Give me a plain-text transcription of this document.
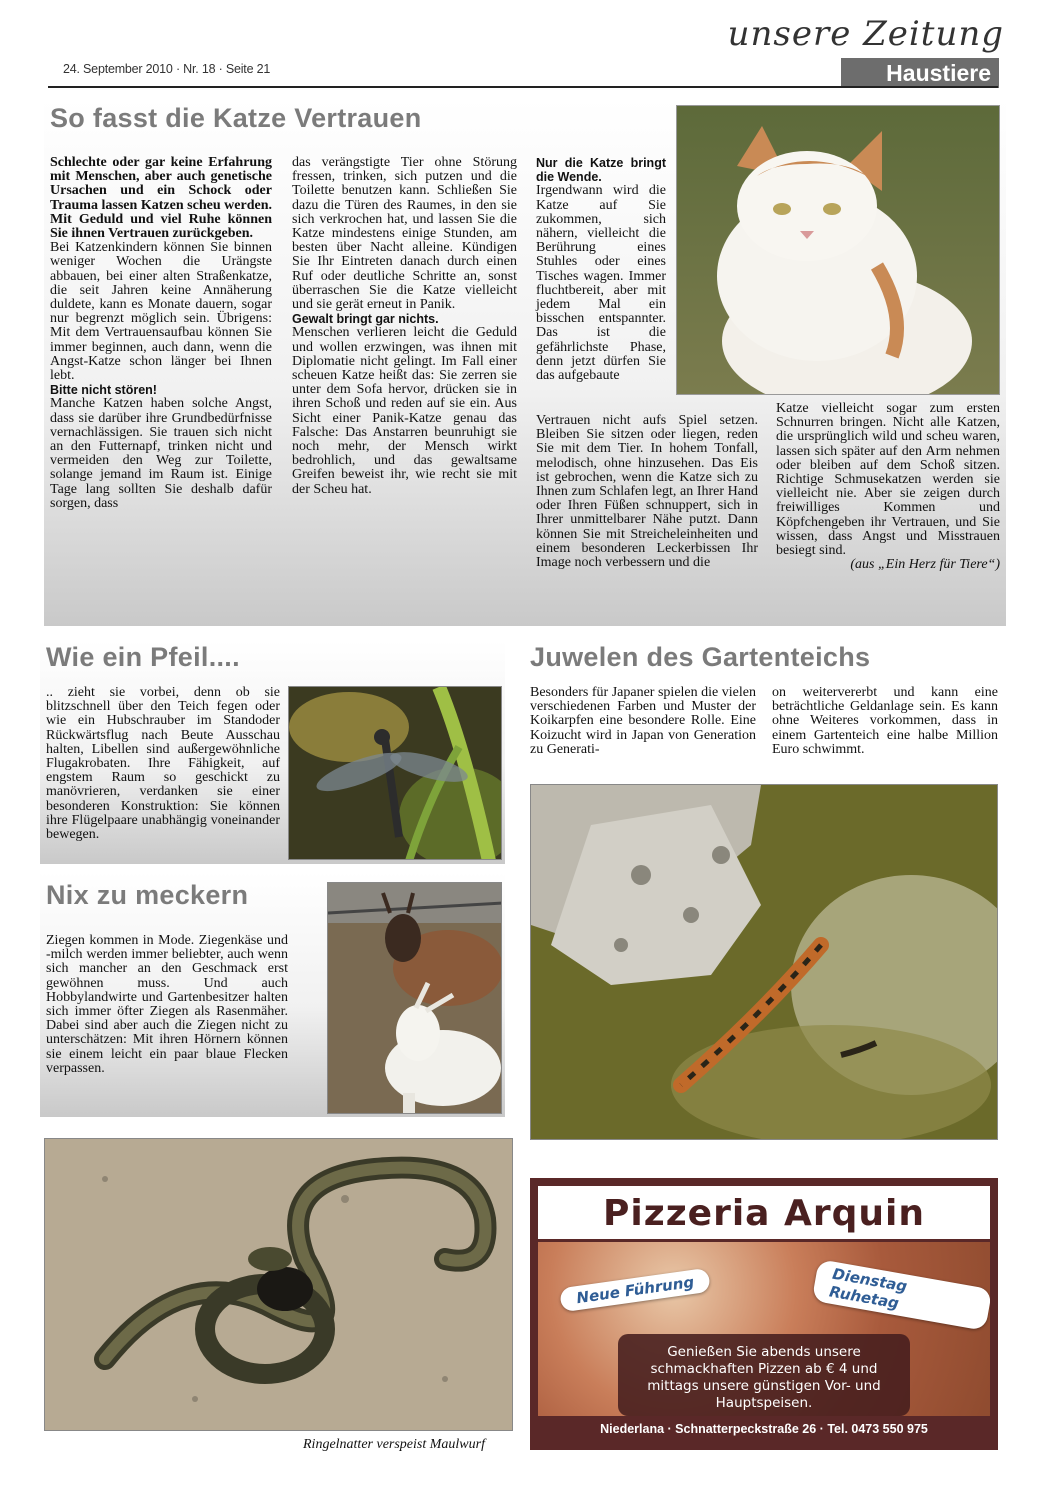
24. September 2010 · Nr. 18 · Seite 21
unsere Zeitung
Haustiere
So fasst die Katze Vertrauen

Schlechte oder gar keine Erfahrung mit Menschen, aber auch genetische Ursachen und ein Schock oder Trauma lassen Katzen scheu werden. Mit Geduld und viel Ruhe können Sie ihnen Vertrauen zurückgeben.

Bei Katzenkindern können Sie binnen weniger Wochen die Urängste abbauen, bei einer alten Straßenkatze, die seit Jahren keine Annäherung duldete, kann es Monate dauern, sogar nur begrenzt möglich sein. Übrigens: Mit dem Vertrauensaufbau können Sie immer beginnen, auch dann, wenn die Angst-Katze schon länger bei Ihnen lebt.

Bitte nicht stören!

Manche Katzen haben solche Angst, dass sie darüber ihre Grundbedürfnisse vernachlässigen. Sie trauen sich nicht an den Futternapf, trinken nicht und vermeiden den Weg zur Toilette, solange jemand im Raum ist. Einige Tage lang sollten Sie deshalb dafür sorgen, dass

das verängstigte Tier ohne Störung fressen, trinken, sich putzen und die Toilette benutzen kann. Schließen Sie dazu die Türen des Raumes, in den sie sich verkrochen hat, und lassen Sie die Katze mindestens einige Stunden, am besten über Nacht alleine. Kündigen Sie Ihr Eintreten danach durch einen Ruf oder deutliche Schritte an, sonst überraschen Sie die Katze vielleicht und sie gerät erneut in Panik.

Gewalt bringt gar nichts.

Menschen verlieren leicht die Geduld und wollen erzwingen, was ihnen mit Diplomatie nicht gelingt. Im Fall einer scheuen Katze heißt das: Sie zerren sie unter dem Sofa hervor, drücken sie in ihren Schoß und reden auf sie ein. Aus Sicht einer Panik-Katze genau das Falsche: Das Anstarren beunruhigt sie noch mehr, der Mensch wirkt bedrohlich, und das gewaltsame Greifen beweist ihr, wie recht sie mit der Scheu hat.

Nur die Katze bringt die Wende.

Irgendwann wird die Katze auf Sie zukommen, sich nähern, vielleicht die Berührung eines Stuhles oder eines Tisches wagen. Immer fluchtbereit, aber mit jedem Mal ein bisschen entspannter. Das ist die gefährlichste Phase, denn jetzt dürfen Sie das aufgebaute

Vertrauen nicht aufs Spiel setzen. Bleiben Sie sitzen oder liegen, reden Sie mit dem Tier. In hohem Tonfall, melodisch, ohne hinzusehen. Das Eis ist gebrochen, wenn die Katze sich zu Ihnen zum Schlafen legt, an Ihrer Hand oder Ihren Füßen schnuppert, sich in Ihrer unmittelbarer Nähe putzt. Dann können Sie mit Streicheleinheiten und einem besonderen Leckerbissen Ihr Image noch verbessern und die

Katze vielleicht sogar zum ersten Schnurren bringen. Nicht alle Katzen, die ursprünglich wild und scheu waren, lassen sich später auf den Arm nehmen oder bleiben auf dem Schoß sitzen. Richtige Schmusekatzen werden sie vielleicht nie. Aber sie zeigen durch freiwilliges Kommen und Köpfchengeben ihr Vertrauen, und Sie wissen, dass Angst und Misstrauen besiegt sind.

(aus „Ein Herz für Tiere“)

Wie ein Pfeil....
.. zieht sie vorbei, denn ob sie blitzschnell über den Teich fegen oder wie ein Hubschrauber im Standoder Rückwärtsflug nach Beute Ausschau halten, Libellen sind außergewöhnliche Flugakrobaten. Ihre Fähigkeit, auf engstem Raum so geschickt zu manövrieren, verdanken sie einer besonderen Konstruktion: Sie können ihre Flügelpaare unabhängig voneinander bewegen.
Nix zu meckern
Ziegen kommen in Mode. Ziegenkäse und -milch werden immer beliebter, auch wenn sich mancher an den Geschmack erst gewöhnen muss. Und auch Hobbylandwirte und Gartenbesitzer halten sich immer öfter Ziegen als Rasenmäher. Dabei sind aber auch die Ziegen nicht zu unterschätzen: Mit ihren Hörnern können sie einem leicht ein paar blaue Flecken verpassen.
Juwelen des Gartenteichs
Besonders für Japaner spielen die vielen verschiedenen Farben und Muster der Koikarpfen eine besondere Rolle. Eine Koizucht wird in Japan von Generation zu Generati-
on weitervererbt und kann eine beträchtliche Geldanlage sein. Es kann ohne Weiteres vorkommen, dass in einem Gartenteich eine halbe Million Euro schwimmt.
Ringelnatter verspeist Maulwurf
Pizzeria Arquin
Neue Führung	Dienstag Ruhetag
Genießen Sie abends unsere schmackhaften Pizzen ab € 4 und mittags unsere günstigen Vor- und Hauptspeisen.
Niederlana · Schnatterpeckstraße 26 · Tel. 0473 550 975
